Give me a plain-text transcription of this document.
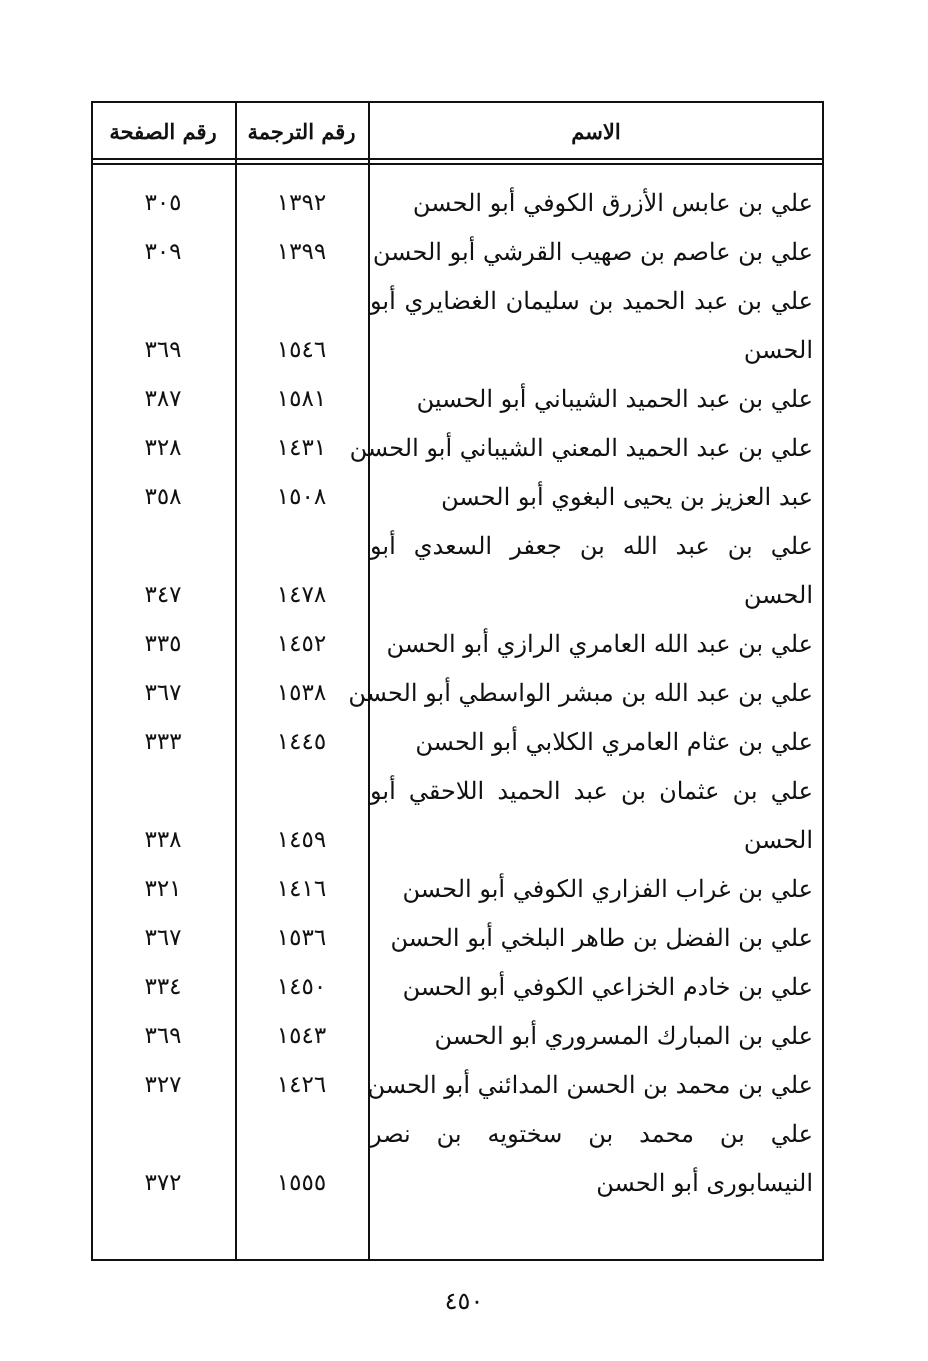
الاسم
رقم الترجمة
رقم الصفحة
علي بن عابس الأزرق الكوفي أبو الحسن
١٣٩٢
٣٠٥
علي بن عاصم بن صهيب القرشي أبو الحسن
١٣٩٩
٣٠٩
علي بن عبد الحميد بن سليمان الغضايري أبو
الحسن
١٥٤٦
٣٦٩
علي بن عبد الحميد الشيباني أبو الحسين
١٥٨١
٣٨٧
علي بن عبد الحميد المعني الشيباني أبو الحسن
١٤٣١
٣٢٨
عبد العزيز بن يحيى البغوي أبو الحسن
١٥٠٨
٣٥٨
علي بن عبد الله بن جعفر السعدي أبو
الحسن
١٤٧٨
٣٤٧
علي بن عبد الله العامري الرازي أبو الحسن
١٤٥٢
٣٣٥
علي بن عبد الله بن مبشر الواسطي أبو الحسن
١٥٣٨
٣٦٧
علي بن عثام العامري الكلابي أبو الحسن
١٤٤٥
٣٣٣
علي بن عثمان بن عبد الحميد اللاحقي أبو
الحسن
١٤٥٩
٣٣٨
علي بن غراب الفزاري الكوفي أبو الحسن
١٤١٦
٣٢١
علي بن الفضل بن طاهر البلخي أبو الحسن
١٥٣٦
٣٦٧
علي بن خادم الخزاعي الكوفي أبو الحسن
١٤٥٠
٣٣٤
علي بن المبارك المسروري أبو الحسن
١٥٤٣
٣٦٩
علي بن محمد بن الحسن المدائني أبو الحسن
١٤٢٦
٣٢٧
علي بن محمد بن سختويه بن نصر
النيسابورى أبو الحسن
١٥٥٥
٣٧٢
٤٥٠
